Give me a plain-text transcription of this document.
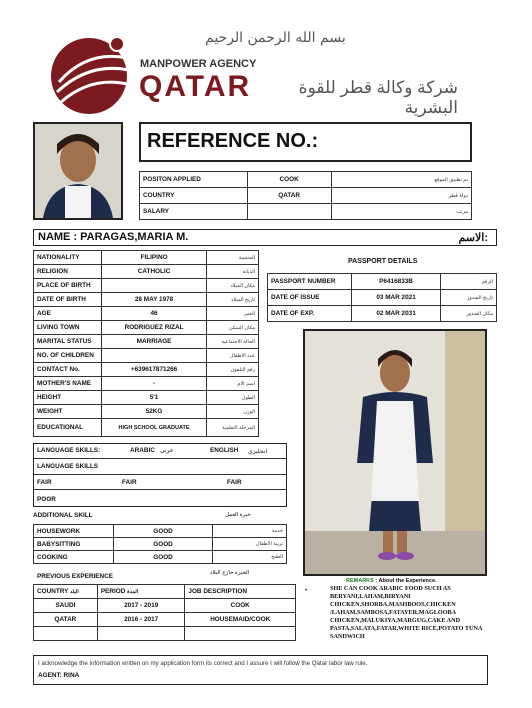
بسم الله الرحمن الرحيم
MANPOWER AGENCY
QATAR	شركة وكالة قطر للقوة البشرية
REFERENCE NO.:
POSITON APPLIED	COOK	تم تطبيق الموقع
COUNTRY	QATAR	دولة قطر
SALARY		مرتب
NAME : PARAGAS,MARIA M.	الاسم:
NATIONALITY	FILIPINO	الجنسية
RELIGION	CATHOLIC	الديانة
PLACE OF BIRTH		مكان الميلاد
DATE OF BIRTH	28 MAY 1978	تاريخ الميلاد
AGE	46	العمر
LIVING TOWN	RODRIGUEZ RIZAL	مكان السكن
MARITAL STATUS	MARRIAGE	الحالة الاجتماعية
NO. OF CHILDREN		عدد الاطفال
CONTACT No.	+639617871266	رقم التلفون
MOTHER'S NAME	-	اسم الام
HEIGHT	5'1	الطول
WEIGHT	52KG	الوزن
EDUCATIONAL	HIGH SCHOOL GRADUATE	المرحلة التعلمية
PASSPORT DETAILS
PASSPORT NUMBER	P6416833B	الرقم
DATE OF ISSUE	03 MAR 2021	تاريخ الصدور
DATE OF EXP.	02 MAR 2031	مكان الصدور
LANGUAGE SKILLS:	ARABIC عربي	ENGLISH انجليزي
LANGUAGE SKILLS
FAIR	FAIR	FAIR
POOR
ADDITIONAL SKILL	خبرة العمل
HOUSEWORK	GOOD	خدمة
BABYSITTING	GOOD	تربية الاطفال
COOKING	GOOD	الطبخ
PREVIOUS EXPERIENCE	الخبرة خارج البلاد
COUNTRY البلد	PERIOD المدة	JOB DESCRIPTION
SAUDI	2017 - 2019	COOK
QATAR	2016 - 2017	HOUSEMAID/COOK

•
REMARKS : About the Experience.
SHE CAN COOK ARABIC FOOD SUCH AS BERYANI,LAHAM,BIRYANI CHICKEN,SHORBA,MASHBOOS,CHICKEN /LAHAM,SAMBOSA,FATAYER,MAGLOOBA CHICKEN,MALUKIYA,MARGUG,CAKE AND PASTA,SALATA,FATAR,WHITE RICE,POTATO TUNA SANDWICH
I acknowledge the information written on my application form its correct and I assure I will follow the Qatar labor law rule.
AGENT: RINA
